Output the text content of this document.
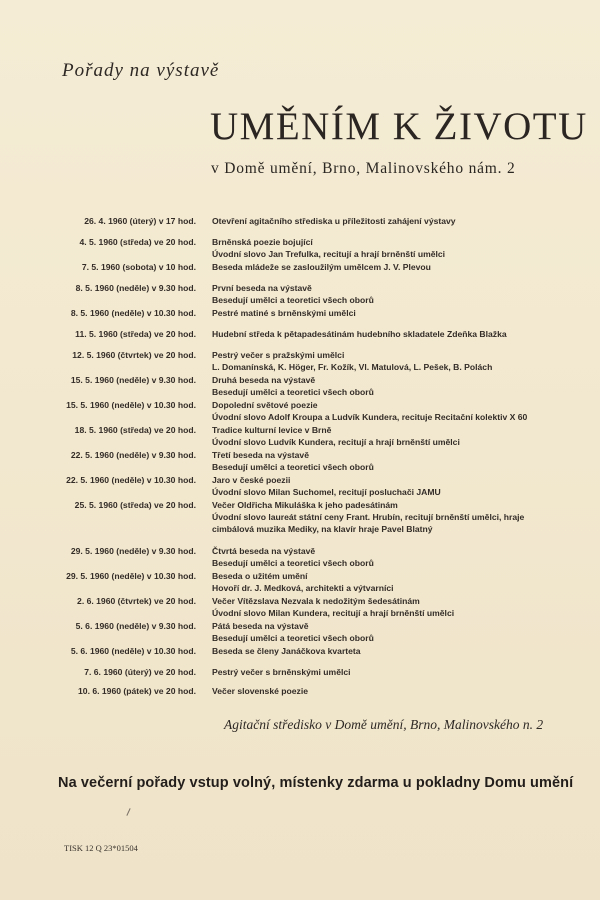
Pořady na výstavě
UMĚNÍM K ŽIVOTU
v Domě umění, Brno, Malinovského nám. 2
26. 4. 1960 (úterý) v 17 hod.	Otevření agitačního střediska u příležitosti zahájení výstavy
4. 5. 1960 (středa) ve 20 hod.	Brněnská poezie bojující
Úvodní slovo Jan Trefulka, recitují a hrají brněnští umělci
7. 5. 1960 (sobota) v 10 hod.	Beseda mládeže se zasloužilým umělcem J. V. Plevou
8. 5. 1960 (neděle) v 9.30 hod.	První beseda na výstavě
Besedují umělci a teoretici všech oborů
8. 5. 1960 (neděle) v 10.30 hod.	Pestré matiné s brněnskými umělci
11. 5. 1960 (středa) ve 20 hod.	Hudební středa k pětapadesátinám hudebního skladatele Zdeňka Blažka
12. 5. 1960 (čtvrtek) ve 20 hod.	Pestrý večer s pražskými umělci
L. Domanínská, K. Höger, Fr. Kožík, Vl. Matulová, L. Pešek, B. Polách
15. 5. 1960 (neděle) v 9.30 hod.	Druhá beseda na výstavě
Besedují umělci a teoretici všech oborů
15. 5. 1960 (neděle) v 10.30 hod.	Dopolední světové poezie
Úvodní slovo Adolf Kroupa a Ludvík Kundera, recituje Recitační kolektiv X 60
18. 5. 1960 (středa) ve 20 hod.	Tradice kulturní levice v Brně
Úvodní slovo Ludvík Kundera, recitují a hrají brněnští umělci
22. 5. 1960 (neděle) v 9.30 hod.	Třetí beseda na výstavě
Besedují umělci a teoretici všech oborů
22. 5. 1960 (neděle) v 10.30 hod.	Jaro v české poezii
Úvodní slovo Milan Suchomel, recitují posluchači JAMU
25. 5. 1960 (středa) ve 20 hod.	Večer Oldřicha Mikuláška k jeho padesátinám
Úvodní slovo laureát státní ceny Frant. Hrubín, recitují brněnští umělci, hraje
cimbálová muzika Mediky, na klavír hraje Pavel Blatný
29. 5. 1960 (neděle) v 9.30 hod.	Čtvrtá beseda na výstavě
Besedují umělci a teoretici všech oborů
29. 5. 1960 (neděle) v 10.30 hod.	Beseda o užitém umění
Hovoří dr. J. Medková, architekti a výtvarníci
2. 6. 1960 (čtvrtek) ve 20 hod.	Večer Vítězslava Nezvala k nedožitým šedesátinám
Úvodní slovo Milan Kundera, recitují a hrají brněnští umělci
5. 6. 1960 (neděle) v 9.30 hod.	Pátá beseda na výstavě
Besedují umělci a teoretici všech oborů
5. 6. 1960 (neděle) v 10.30 hod.	Beseda se členy Janáčkova kvarteta
7. 6. 1960 (úterý) ve 20 hod.	Pestrý večer s brněnskými umělci
10. 6. 1960 (pátek) ve 20 hod.	Večer slovenské poezie
Agitační středisko v Domě umění, Brno, Malinovského n. 2
Na večerní pořady vstup volný, místenky zdarma u pokladny Domu umění
TISK 12 Q 23*01504
